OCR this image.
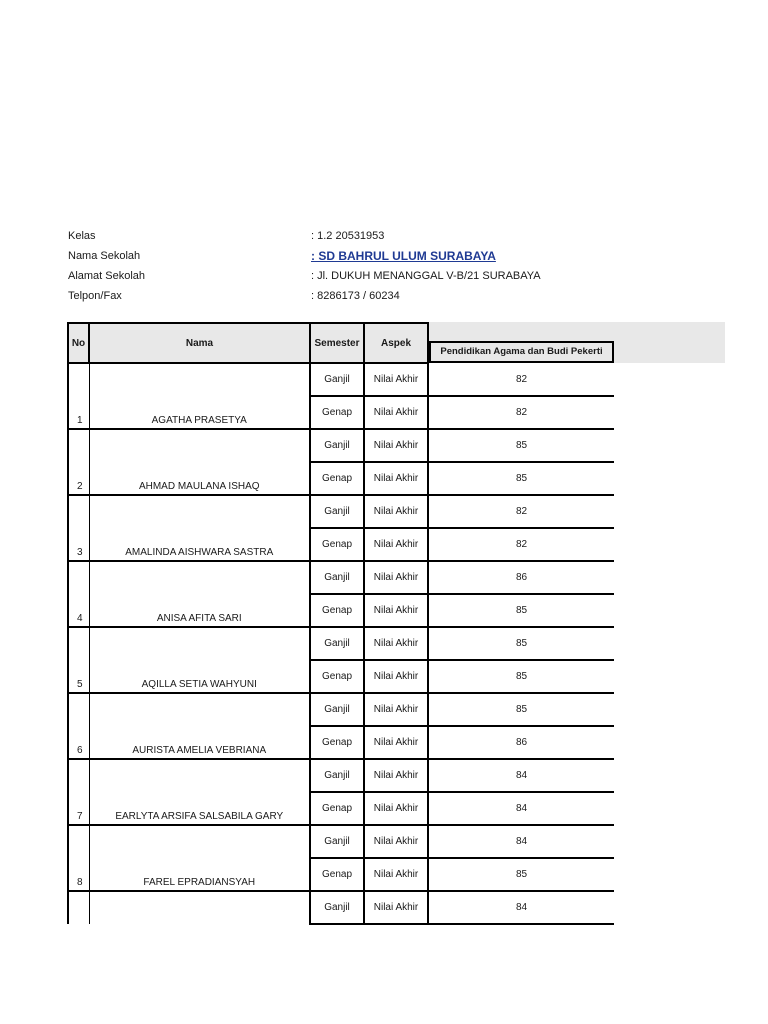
Kelas	: 1.2 20531953
Nama Sekolah	: SD BAHRUL ULUM SURABAYA
Alamat Sekolah	: Jl. DUKUH MENANGGAL V-B/21 SURABAYA
Telpon/Fax	: 8286173 / 60234
No	Nama	Semester	Aspek	Pendidikan Agama dan Budi Pekerti

1	AGATHA PRASETYA	Ganjil	Nilai Akhir	82
		Genap	Nilai Akhir	82
2	AHMAD MAULANA ISHAQ	Ganjil	Nilai Akhir	85
		Genap	Nilai Akhir	85
3	AMALINDA AISHWARA SASTRA	Ganjil	Nilai Akhir	82
		Genap	Nilai Akhir	82
4	ANISA AFITA SARI	Ganjil	Nilai Akhir	86
		Genap	Nilai Akhir	85
5	AQILLA SETIA WAHYUNI	Ganjil	Nilai Akhir	85
		Genap	Nilai Akhir	85
6	AURISTA AMELIA VEBRIANA	Ganjil	Nilai Akhir	85
		Genap	Nilai Akhir	86
7	EARLYTA ARSIFA SALSABILA GARY	Ganjil	Nilai Akhir	84
		Genap	Nilai Akhir	84
8	FAREL EPRADIANSYAH	Ganjil	Nilai Akhir	84
		Genap	Nilai Akhir	85
		Ganjil	Nilai Akhir	84
